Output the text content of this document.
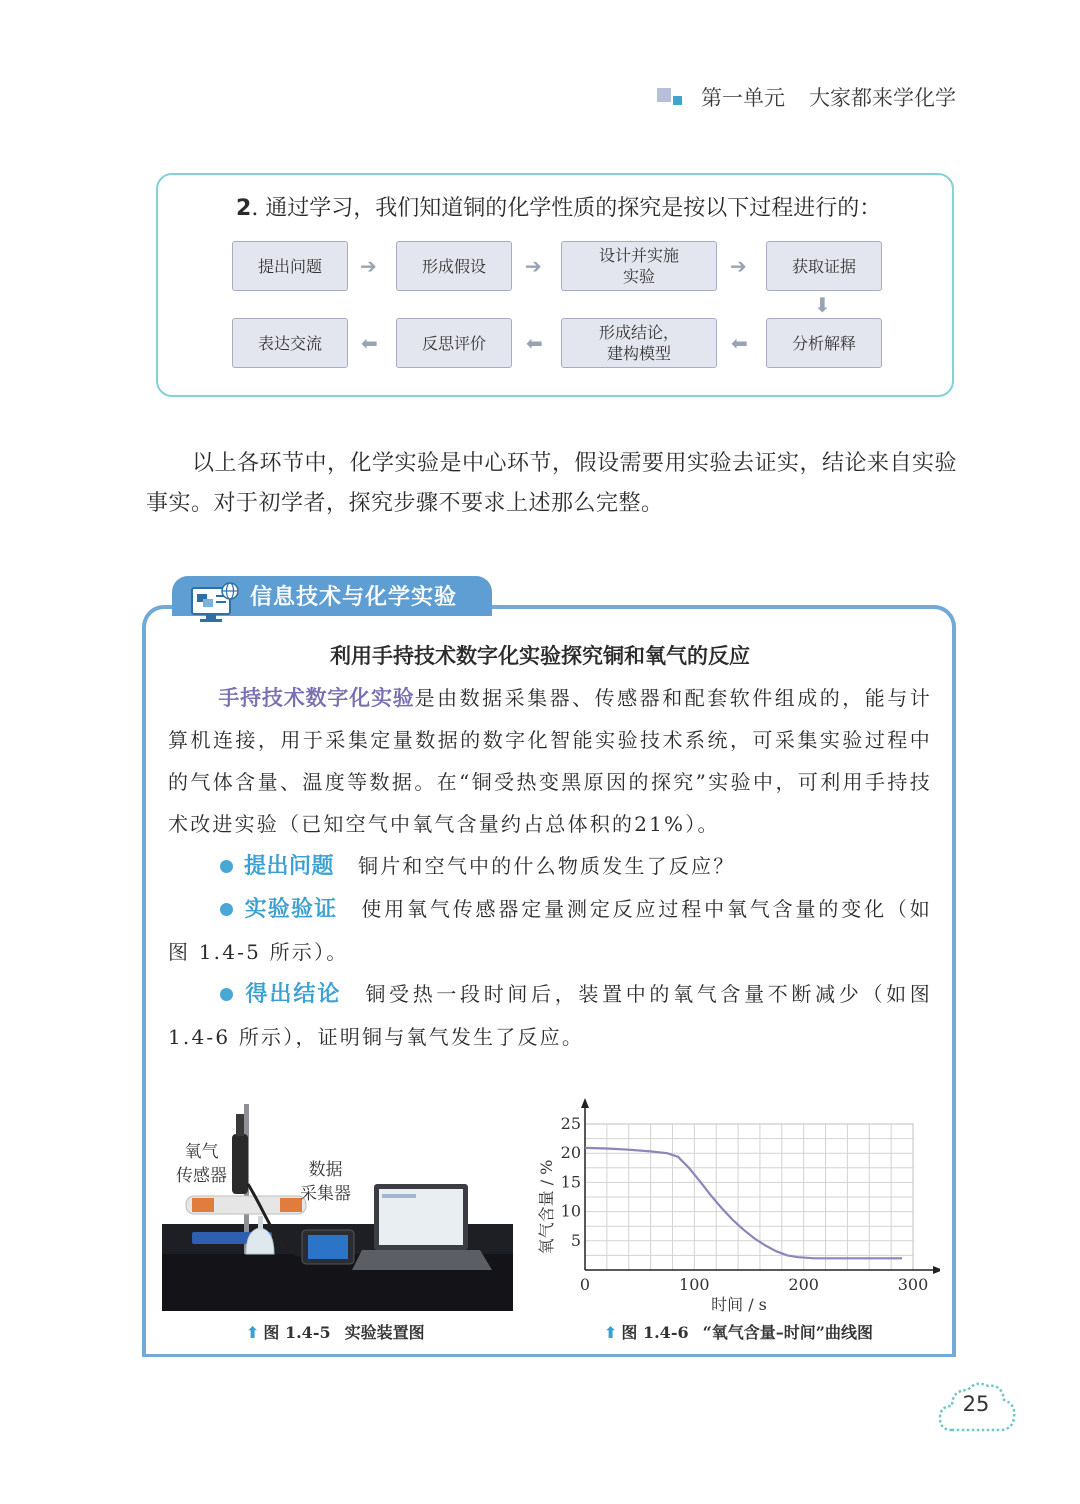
第一单元 大家都来学化学
2. 通过学习，我们知道铜的化学性质的探究是按以下过程进行的：
提出问题 ➔	形成假设 ➔	设计并实施
实验	➔	获取证据
⬇
表达交流 ⬅	反思评价 ⬅	形成结论，
建构模型	⬅	分析解释
以上各环节中，化学实验是中心环节，假设需要用实验去证实，结论来自实验事实。对于初学者，探究步骤不要求上述那么完整。
信息技术与化学实验
利用手持技术数字化实验探究铜和氧气的反应

手持技术数字化实验是由数据采集器、传感器和配套软件组成的，能与计算机连接，用于采集定量数据的数字化智能实验技术系统，可采集实验过程中的气体含量、温度等数据。在“铜受热变黑原因的探究”实验中，可利用手持技术改进实验（已知空气中氧气含量约占总体积的21%）。

提出问题 铜片和空气中的什么物质发生了反应？

实验验证 使用氧气传感器定量测定反应过程中氧气含量的变化（如图 1.4-5 所示）。

得出结论 铜受热一段时间后，装置中的氧气含量不断减少（如图 1.4-6 所示），证明铜与氧气发生了反应。

氧气
传感器	数据
采集器
⬆ 图 1.4-5 实验装置图	⬆ 图 1.4-6 “氧气含量–时间”曲线图
0	100	200	300
5
10
15
20
25
时间 / s
氧气含量 / %
25
